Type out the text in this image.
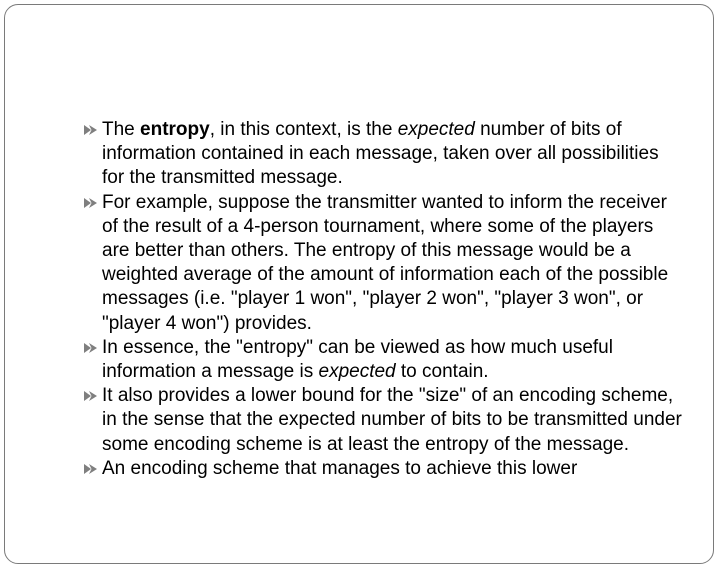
The entropy, in this context, is the expected number of bits of information contained in each message, taken over all possibilities for the transmitted message.
For example, suppose the transmitter wanted to inform the receiver of the result of a 4-person tournament, where some of the players are better than others. The entropy of this message would be a weighted average of the amount of information each of the possible messages (i.e. "player 1 won", "player 2 won", "player 3 won", or "player 4 won") provides.
In essence, the "entropy" can be viewed as how much useful information a message is expected to contain.
It also provides a lower bound for the "size" of an encoding scheme, in the sense that the expected number of bits to be transmitted under some encoding scheme is at least the entropy of the message.
An encoding scheme that manages to achieve this lower
